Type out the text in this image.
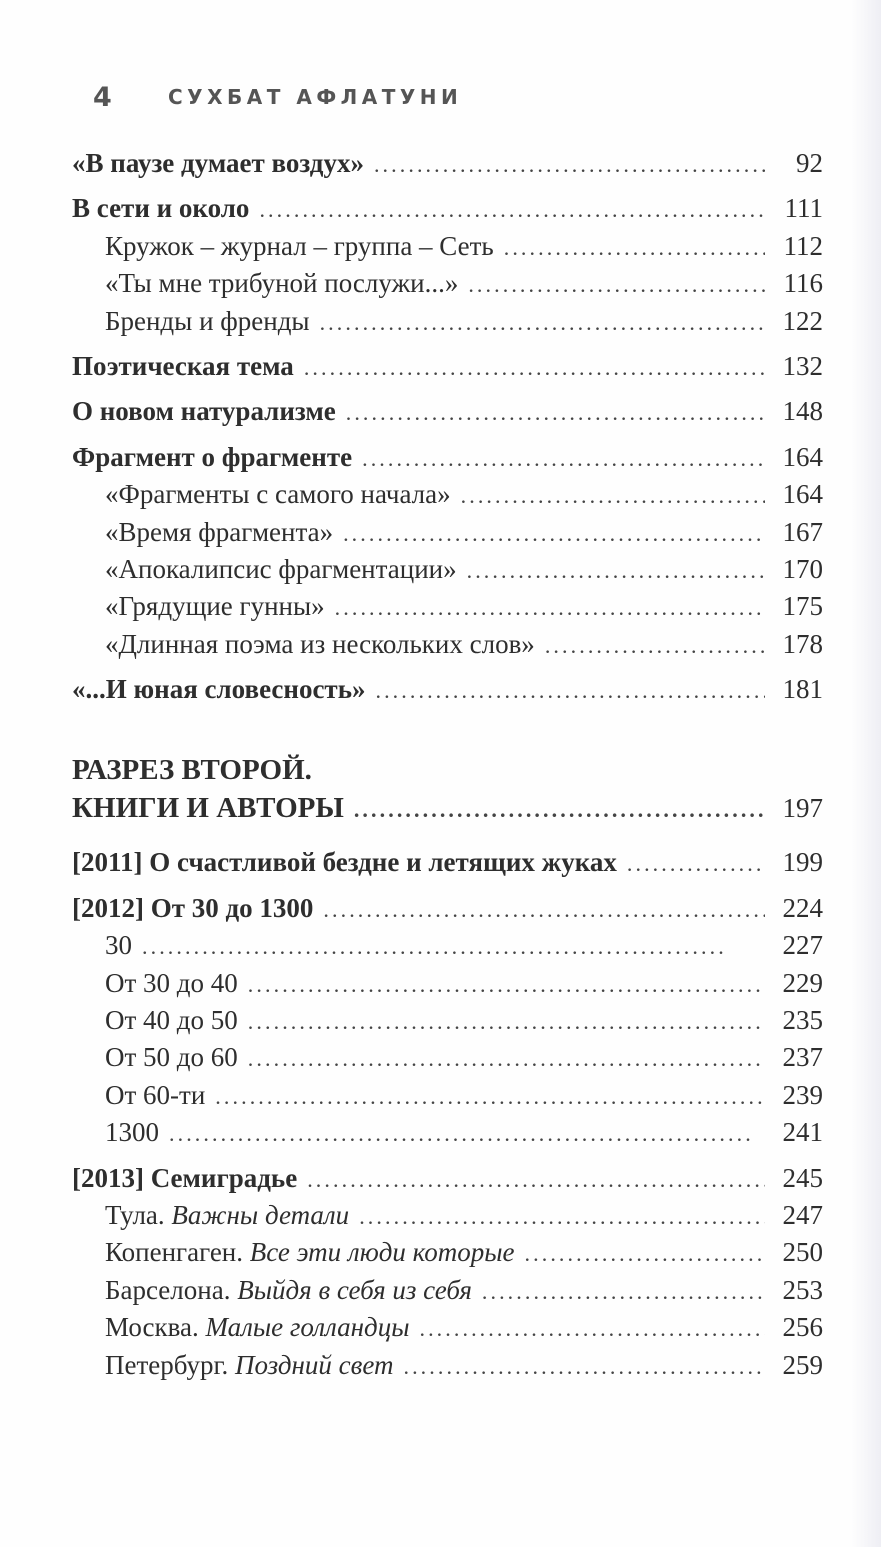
4	СУХБАТ АФЛАТУНИ
«В паузе думает воздух» . . .	92
В сети и около . . .	111
Кружок – журнал – группа – Сеть . . .	112
«Ты мне трибуной послужи...» . . .	116
Бренды и френды . . .	122
Поэтическая тема . . .	132
О новом натурализме . . .	148
Фрагмент о фрагменте . . .	164
«Фрагменты с самого начала» . . .	164
«Время фрагмента» . . .	167
«Апокалипсис фрагментации» . . .	170
«Грядущие гунны» . . .	175
«Длинная поэма из нескольких слов» . . .	178
«...И юная словесность» . . .	181
РАЗРЕЗ ВТОРОЙ.
КНИГИ И АВТОРЫ . . .	197
[2011] О счастливой бездне и летящих жуках . . .	199
[2012] От 30 до 1300 . . .	224
30 . . .	227
От 30 до 40 . . .	229
От 40 до 50 . . .	235
От 50 до 60 . . .	237
От 60-ти . . .	239
1300 . . .	241
[2013] Семиградье . . .	245
Тула. Важны детали . . .	247
Копенгаген. Все эти люди которые . . .	250
Барселона. Выйдя в себя из себя . . .	253
Москва. Малые голландцы . . .	256
Петербург. Поздний свет . . .	259
